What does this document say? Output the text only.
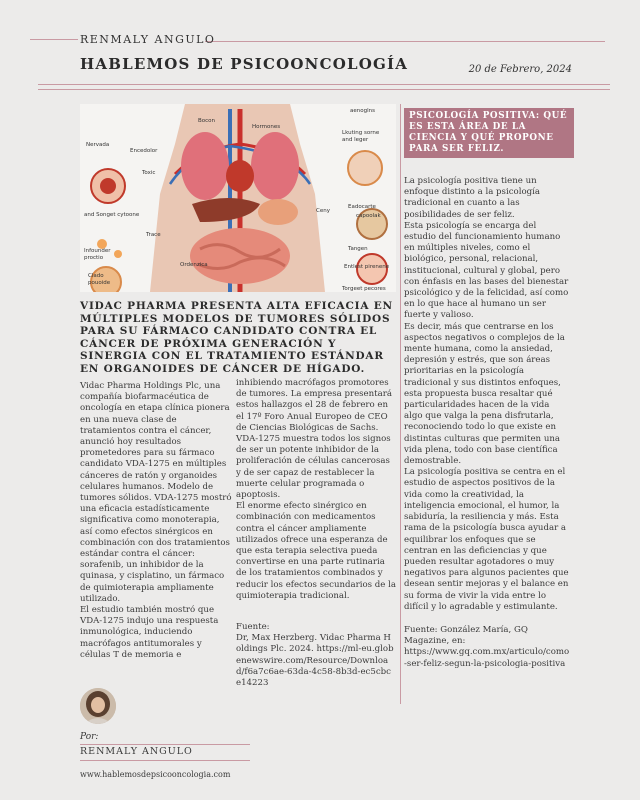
RENMALY ANGULO
HABLEMOS DE PSICOONCOLOGÍA	20 de Febrero, 2024
Bocon
Hormones
Nervada
Encedolor
Toxic
and Songet cytoone
Trace
Infounder
proctio
Clado
pouoide
Ordenzica
Lkuting sorne
and leger
Eadocarte
capoolak
Tangen
Entlest pirenene
Torgeet pecores
aenoglns
Ceny
VIDAC PHARMA PRESENTA ALTA EFICACIA EN MÚLTIPLES MODELOS DE TUMORES SÓLIDOS PARA SU FÁRMACO CANDIDATO CONTRA EL CÁNCER DE PRÓXIMA GENERACIÓN Y SINERGIA CON EL TRATAMIENTO ESTÁNDAR EN ORGANOIDES DE CÁNCER DE HÍGADO.

Vidac Pharma Holdings Plc, una compañía biofarmacéutica de oncología en etapa clínica pionera en una nueva clase de tratamientos contra el cáncer, anunció hoy resultados prometedores para su fármaco candidato VDA-1275 en múltiples cánceres de ratón y organoides celulares humanos. Modelo de tumores sólidos. VDA-1275 mostró una eficacia estadísticamente significativa como monoterapia, así como efectos sinérgicos en combinación con dos tratamientos estándar contra el cáncer: sorafenib, un inhibidor de la quinasa, y cisplatino, un fármaco de quimioterapia ampliamente utilizado.

El estudio también mostró que VDA-1275 indujo una respuesta inmunológica, induciendo macrófagos antitumorales y células T de memoria e

inhibiendo macrófagos promotores de tumores. La empresa presentará estos hallazgos el 28 de febrero en el 17º Foro Anual Europeo de CEO de Ciencias Biológicas de Sachs. VDA-1275 muestra todos los signos de ser un potente inhibidor de la proliferación de células cancerosas y de ser capaz de restablecer la muerte celular programada o apoptosis.

El enorme efecto sinérgico en combinación con medicamentos contra el cáncer ampliamente utilizados ofrece una esperanza de que esta terapia selectiva pueda convertirse en una parte rutinaria de los tratamientos combinados y reducir los efectos secundarios de la quimioterapia tradicional.

Fuente:

Dr, Max Herzberg. Vidac Pharma Holdings Plc. 2024. https://ml-eu.globenewswire.com/Resource/Download/f6a7c6ae-63da-4c58-8b3d-ec5cbce14223

PSICOLOGÍA POSITIVA: QUÉ ES ESTA ÁREA DE LA CIENCIA Y QUÉ PROPONE PARA SER FELIZ.

La psicología positiva tiene un enfoque distinto a la psicología tradicional en cuanto a las posibilidades de ser feliz.

Esta psicología se encarga del estudio del funcionamiento humano en múltiples niveles, como el biológico, personal, relacional, institucional, cultural y global, pero con énfasis en las bases del bienestar psicológico y de la felicidad, así como en lo que hace al humano un ser fuerte y valioso.

Es decir, más que centrarse en los aspectos negativos o complejos de la mente humana, como la ansiedad, depresión y estrés, que son áreas prioritarias en la psicología tradicional y sus distintos enfoques, esta propuesta busca resaltar qué particularidades hacen de la vida algo que valga la pena disfrutarla, reconociendo todo lo que existe en distintas culturas que permiten una vida plena, todo con base científica demostrable.

La psicología positiva se centra en el estudio de aspectos positivos de la vida como la creatividad, la inteligencia emocional, el humor, la sabiduría, la resiliencia y más. Esta rama de la psicología busca ayudar a equilibrar los enfoques que se centran en las deficiencias y que pueden resultar agotadores o muy negativos para algunos pacientes que desean sentir mejoras y el balance en su forma de vivir la vida entre lo difícil y lo agradable y estimulante.

Fuente: González María, GQ Magazine, en: https://www.gq.com.mx/articulo/como-ser-feliz-segun-la-psicologia-positiva

Por:
RENMALY ANGULO
www.hablemosdepsicooncologia.com
